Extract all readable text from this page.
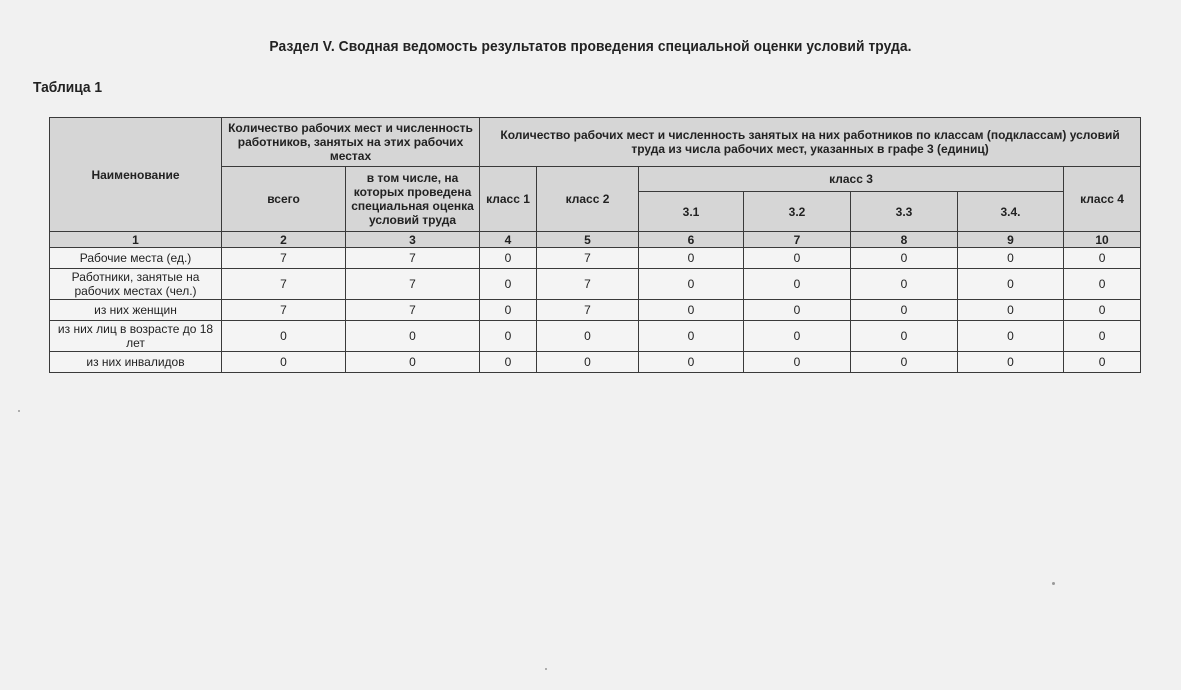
Раздел V. Сводная ведомость результатов проведения специальной оценки условий труда.
Таблица 1
Наименование	Количество рабочих мест и численность работников, занятых на этих рабочих местах		Количество рабочих мест и численность занятых на них работников по классам (подклассам) условий труда из числа рабочих мест, указанных в графе 3 (единиц)						
	всего	в том числе, на которых проведена специальная оценка условий труда	класс 1	класс 2	класс 3				класс 4
					3.1	3.2	3.3	3.4.	
1	2	3	4	5	6	7	8	9	10
Рабочие места (ед.)	7	7	0	7	0	0	0	0	0
Работники, занятые на рабочих местах (чел.)	7	7	0	7	0	0	0	0	0
из них женщин	7	7	0	7	0	0	0	0	0
из них лиц в возрасте до 18 лет	0	0	0	0	0	0	0	0	0
из них инвалидов	0	0	0	0	0	0	0	0	0
